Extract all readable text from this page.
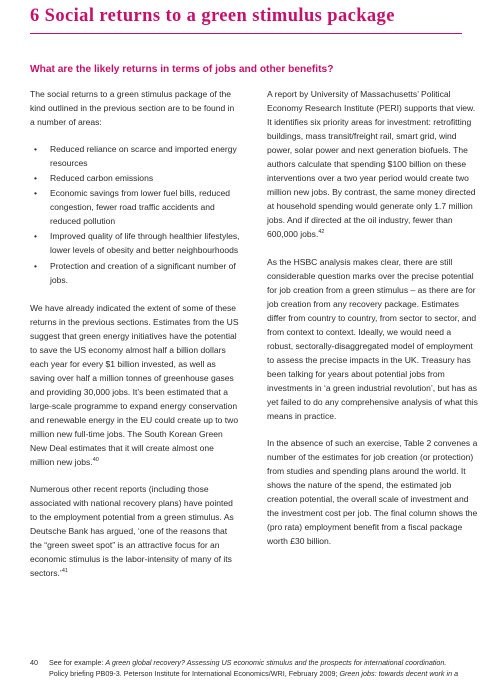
6 Social returns to a green stimulus package
What are the likely returns in terms of jobs and other benefits?

The social returns to a green stimulus package of the kind outlined in the previous section are to be found in a number of areas:

• Reduced reliance on scarce and imported energy resources
• Reduced carbon emissions
• Economic savings from lower fuel bills, reduced congestion, fewer road traffic accidents and reduced pollution
• Improved quality of life through healthier lifestyles, lower levels of obesity and better neighbourhoods
• Protection and creation of a significant number of jobs.

We have already indicated the extent of some of these returns in the previous sections. Estimates from the US suggest that green energy initiatives have the potential to save the US economy almost half a billion dollars each year for every $1 billion invested, as well as saving over half a million tonnes of greenhouse gases and providing 30,000 jobs. It’s been estimated that a large-scale programme to expand energy conservation and renewable energy in the EU could create up to two million new full-time jobs. The South Korean Green New Deal estimates that it will create almost one million new jobs.$^{40}$

Numerous other recent reports (including those associated with national recovery plans) have pointed to the employment potential from a green stimulus. As Deutsche Bank has argued, ‘one of the reasons that the “green sweet spot” is an attractive focus for an economic stimulus is the labor-intensity of many of its sectors.’$^{41}$

A report by University of Massachusetts’ Political Economy Research Institute (PERI) supports that view. It identifies six priority areas for investment: retrofitting buildings, mass transit/freight rail, smart grid, wind power, solar power and next generation biofuels. The authors calculate that spending $100 billion on these interventions over a two year period would create two million new jobs. By contrast, the same money directed at household spending would generate only 1.7 million jobs. And if directed at the oil industry, fewer than 600,000 jobs.$^{42}$

As the HSBC analysis makes clear, there are still considerable question marks over the precise potential for job creation from a green stimulus – as there are for job creation from any recovery package. Estimates differ from country to country, from sector to sector, and from context to context. Ideally, we would need a robust, sectorally-disaggregated model of employment to assess the precise impacts in the UK. Treasury has been talking for years about potential jobs from investments in ‘a green industrial revolution’, but has as yet failed to do any comprehensive analysis of what this means in practice.

In the absence of such an exercise, Table 2 convenes a number of the estimates for job creation (or protection) from studies and spending plans around the world. It shows the nature of the spend, the estimated job creation potential, the overall scale of investment and the investment cost per job. The final column shows the (pro rata) employment benefit from a fiscal package worth £30 billion.

40 See for example: A green global recovery? Assessing US economic stimulus and the prospects for international coordination.
Policy briefing PB09-3. Peterson Institute for International Economics/WRI, February 2009; Green jobs: towards decent work in a
